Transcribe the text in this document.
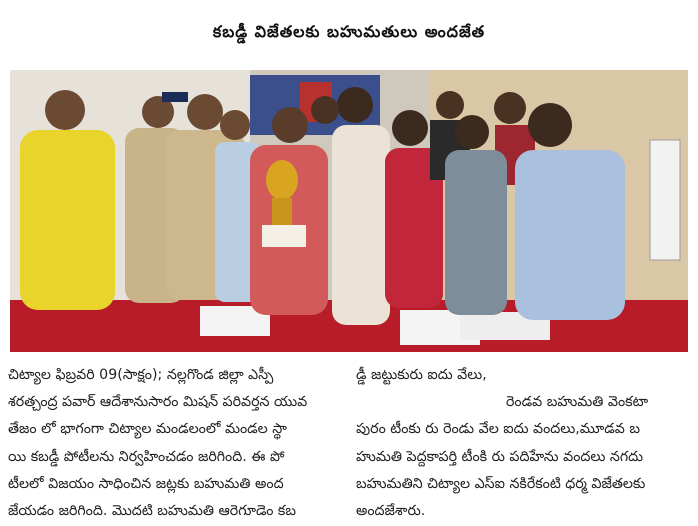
కబడ్డీ విజేతలకు బహుమతులు అందజేత

చిట్యాల ఫిబ్రవరి 09(సాక్షం); నల్లగొండ జిల్లా ఎస్పీ

శరత్చంద్ర పవార్ ఆదేశానుసారం మిషన్ పరివర్తన యువ

తేజం లో భాగంగా చిట్యాల మండలంలో మండల స్థా

యి కబడ్డీ పోటీలను నిర్వహించడం జరిగింది. ఈ పో

టీలలో విజయం సాధించిన జట్లకు బహుమతి అంద

జేయడం జరిగింది. మొదటి బహుమతి ఆరెగూడెం కబ

డ్డీ జట్టుకురు ఐదు వేలు,

రెండవ బహుమతి వెంకటా

పురం టీంకు రు రెండు వేల ఐదు వందలు,మూడవ బ

హుమతి పెద్దకాపర్తి టీంకి రు పదిహేను వందలు నగదు

బహుమతిని చిట్యాల ఎస్ఐ నకిరేకంటి ధర్మ విజేతలకు

అందజేశారు.
